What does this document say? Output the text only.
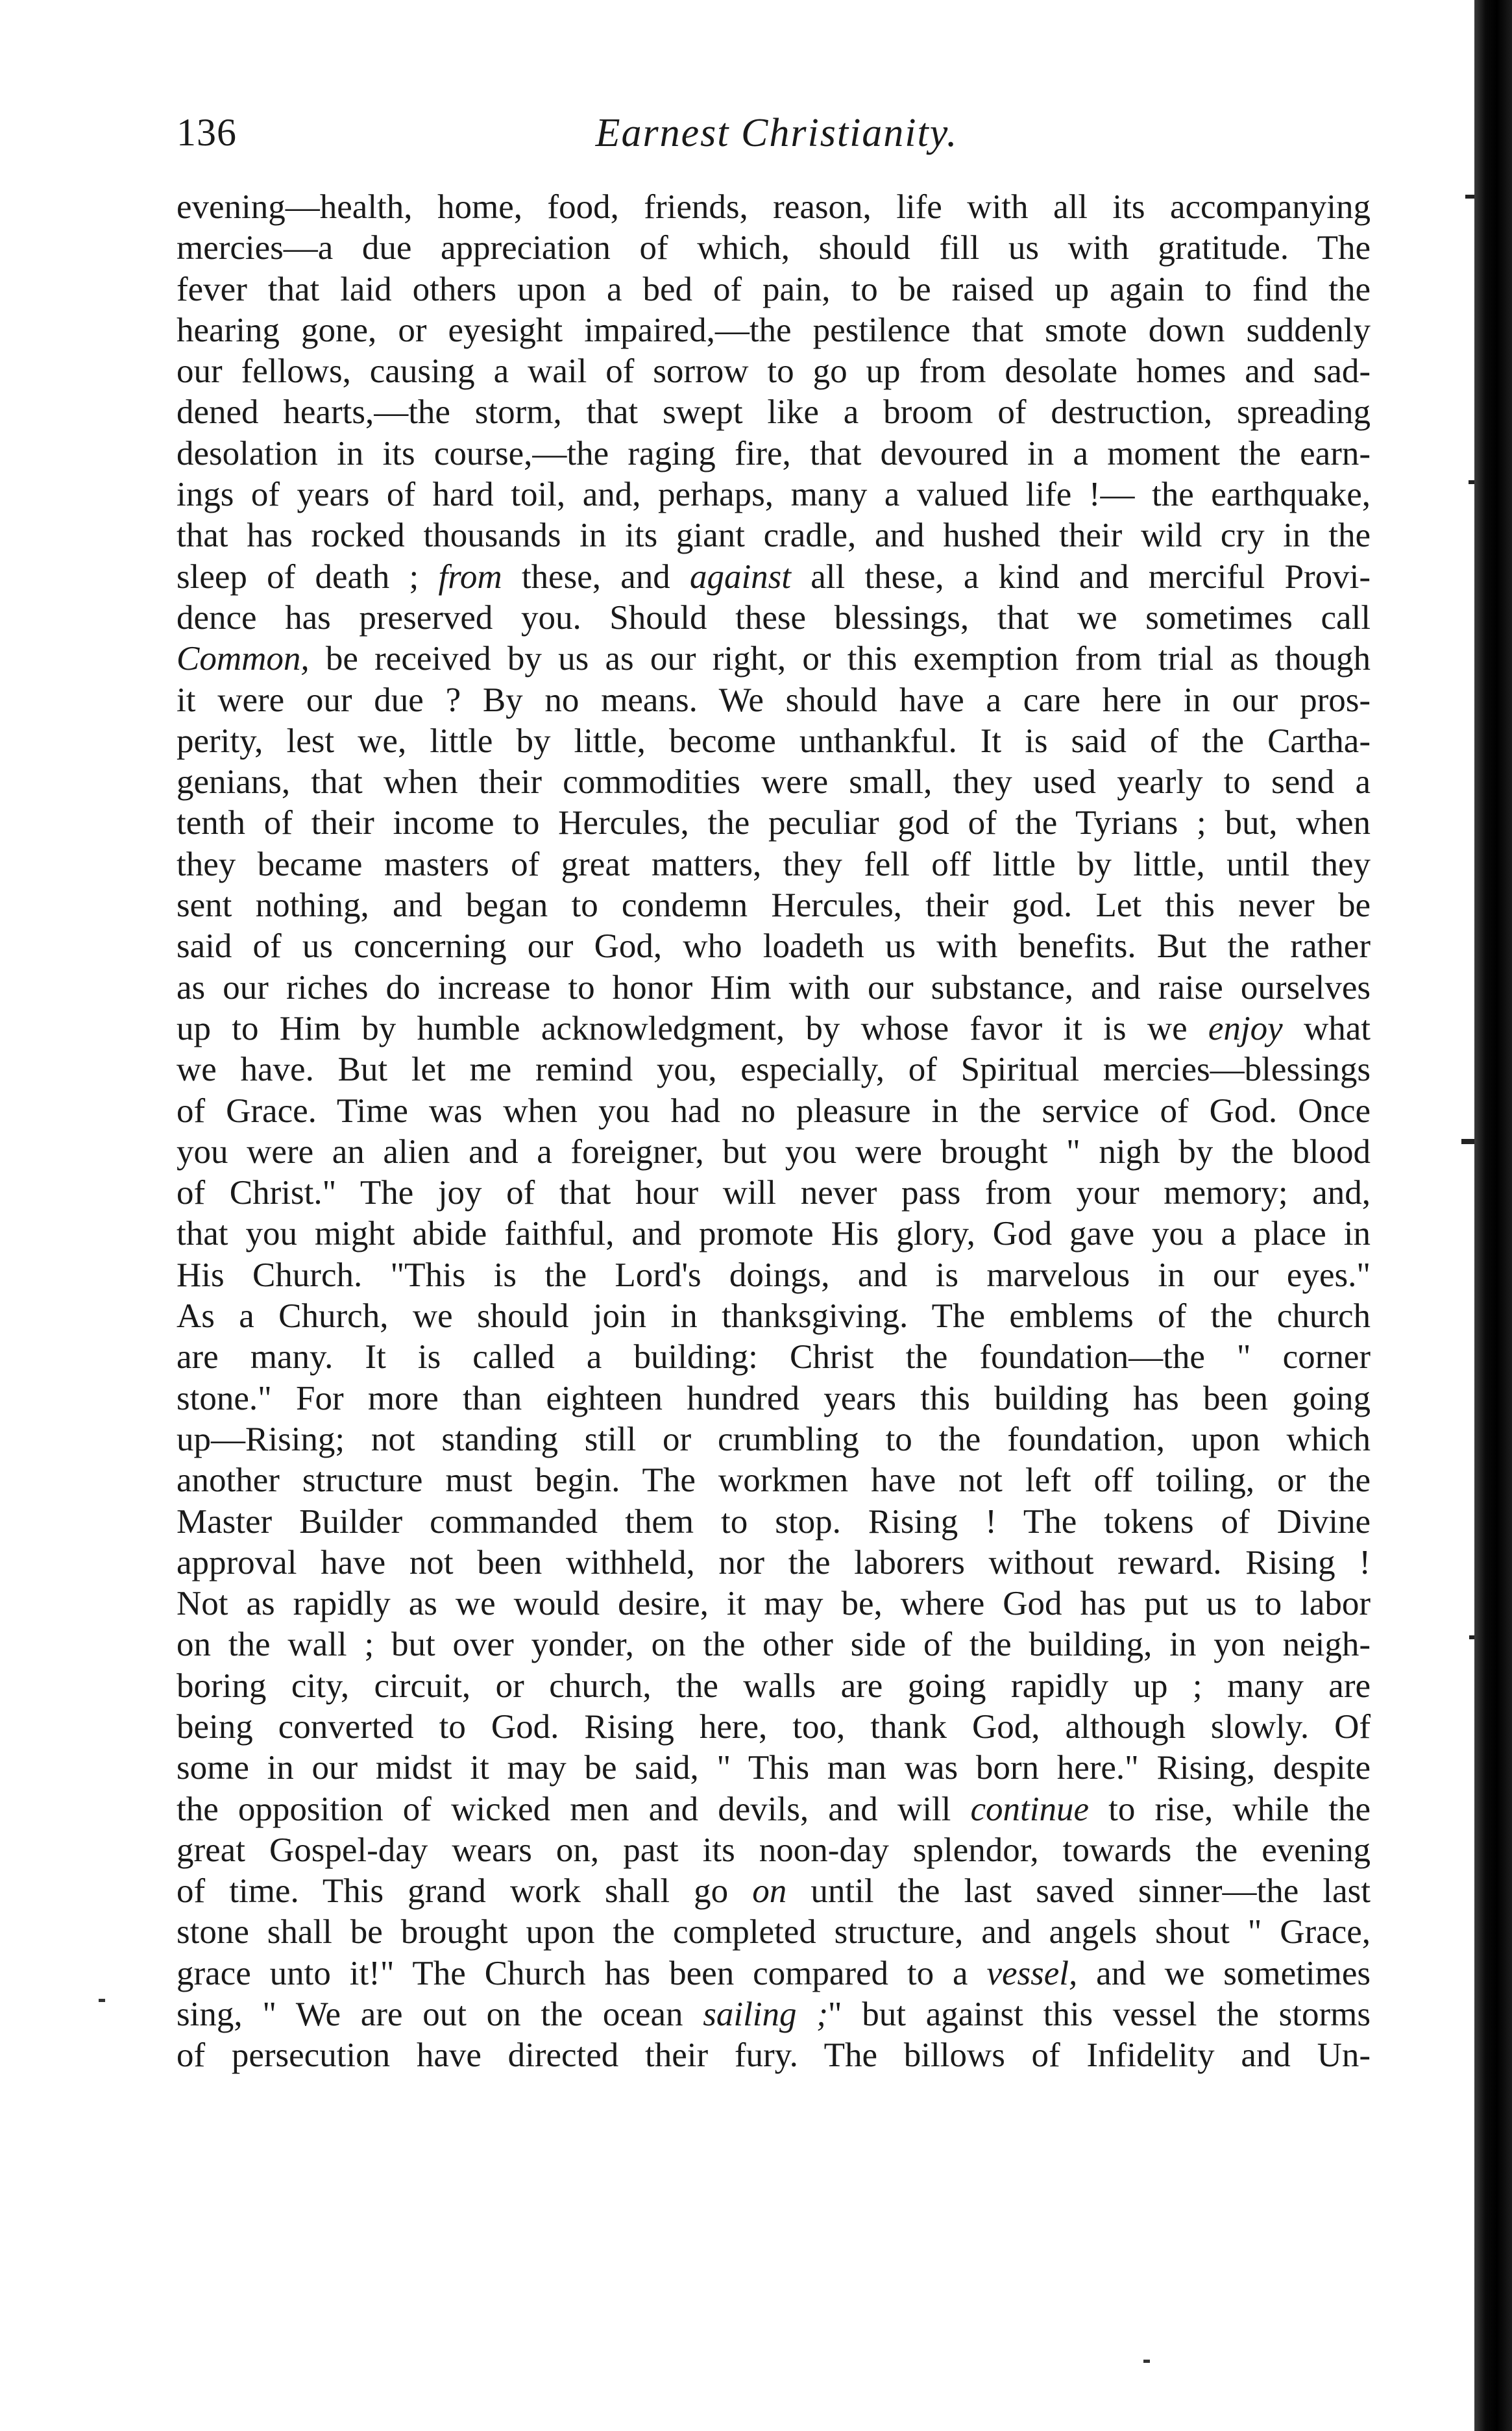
136	Earnest Christianity.
evening—health, home, food, friends, reason, life with all its accompanying
mercies—a due appreciation of which, should fill us with gratitude. The
fever that laid others upon a bed of pain, to be raised up again to find the
hearing gone, or eyesight impaired,—the pestilence that smote down suddenly
our fellows, causing a wail of sorrow to go up from desolate homes and sad-
dened hearts,—the storm, that swept like a broom of destruction, spreading
desolation in its course,—the raging fire, that devoured in a moment the earn-
ings of years of hard toil, and, perhaps, many a valued life !— the earthquake,
that has rocked thousands in its giant cradle, and hushed their wild cry in the
sleep of death ; from these, and against all these, a kind and merciful Provi-
dence has preserved you. Should these blessings, that we sometimes call
Common, be received by us as our right, or this exemption from trial as though
it were our due ? By no means. We should have a care here in our pros-
perity, lest we, little by little, become unthankful. It is said of the Cartha-
genians, that when their commodities were small, they used yearly to send a
tenth of their income to Hercules, the peculiar god of the Tyrians ; but, when
they became masters of great matters, they fell off little by little, until they
sent nothing, and began to condemn Hercules, their god. Let this never be
said of us concerning our God, who loadeth us with benefits. But the rather
as our riches do increase to honor Him with our substance, and raise ourselves
up to Him by humble acknowledgment, by whose favor it is we enjoy what
we have. But let me remind you, especially, of Spiritual mercies—blessings
of Grace. Time was when you had no pleasure in the service of God. Once
you were an alien and a foreigner, but you were brought " nigh by the blood
of Christ." The joy of that hour will never pass from your memory; and,
that you might abide faithful, and promote His glory, God gave you a place in
His Church. "This is the Lord's doings, and is marvelous in our eyes."
As a Church, we should join in thanksgiving. The emblems of the church
are many. It is called a building: Christ the foundation—the " corner
stone." For more than eighteen hundred years this building has been going
up—Rising; not standing still or crumbling to the foundation, upon which
another structure must begin. The workmen have not left off toiling, or the
Master Builder commanded them to stop. Rising ! The tokens of Divine
approval have not been withheld, nor the laborers without reward. Rising !
Not as rapidly as we would desire, it may be, where God has put us to labor
on the wall ; but over yonder, on the other side of the building, in yon neigh-
boring city, circuit, or church, the walls are going rapidly up ; many are
being converted to God. Rising here, too, thank God, although slowly. Of
some in our midst it may be said, " This man was born here." Rising, despite
the opposition of wicked men and devils, and will continue to rise, while the
great Gospel-day wears on, past its noon-day splendor, towards the evening
of time. This grand work shall go on until the last saved sinner—the last
stone shall be brought upon the completed structure, and angels shout " Grace,
grace unto it!" The Church has been compared to a vessel, and we sometimes
sing, " We are out on the ocean sailing ;" but against this vessel the storms
of persecution have directed their fury. The billows of Infidelity and Un-
